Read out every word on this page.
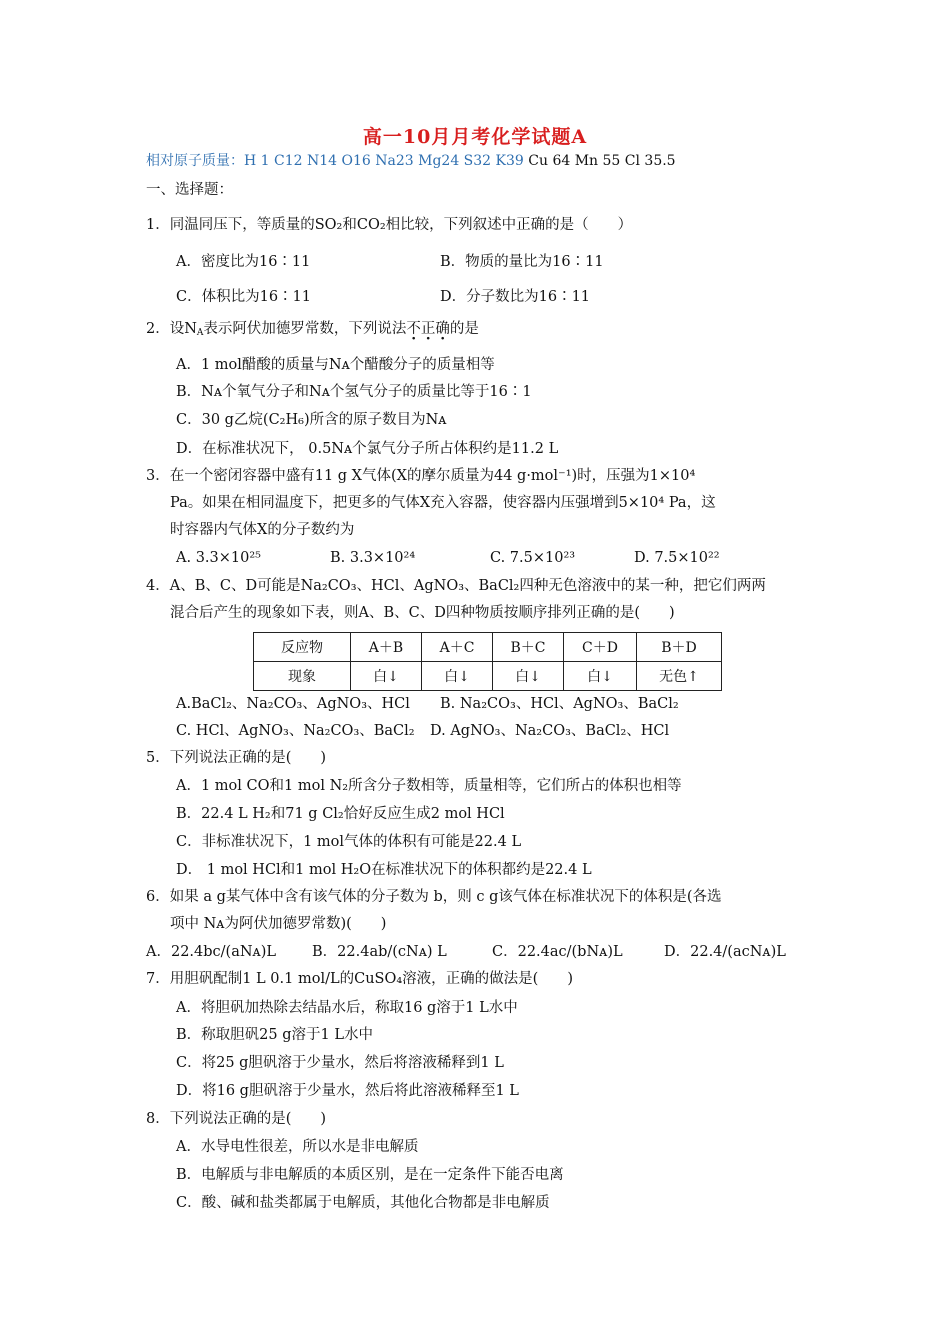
高一10月月考化学试题A
相对原子质量：H 1 C12 N14 O16 Na23 Mg24 S32 K39 Cu 64 Mn 55 Cl 35.5
一、选择题：
1．同温同压下，等质量的SO₂和CO₂相比较，下列叙述中正确的是（　　）
A．密度比为16∶11	B．物质的量比为16∶11
C．体积比为16∶11	D．分子数比为16∶11
2．设$N_A$表示阿伏加德罗常数，下列说法不正确的是
A．1 mol醋酸的质量与Nᴀ个醋酸分子的质量相等
B．Nᴀ个氧气分子和Nᴀ个氢气分子的质量比等于16∶1
C．30 g乙烷(C₂H₆)所含的原子数目为Nᴀ
D．在标准状况下， 0.5Nᴀ个氯气分子所占体积约是11.2 L
3．在一个密闭容器中盛有11 g X气体(X的摩尔质量为44 g·mol⁻¹)时，压强为1×10⁴
Pa。如果在相同温度下，把更多的气体X充入容器，使容器内压强增到5×10⁴ Pa，这
时容器内气体X的分子数约为
A. 3.3×10²⁵	B. 3.3×10²⁴	C. 7.5×10²³	D. 7.5×10²²
4．A、B、C、D可能是Na₂CO₃、HCl、AgNO₃、BaCl₂四种无色溶液中的某一种，把它们两两
混合后产生的现象如下表，则A、B、C、D四种物质按顺序排列正确的是(　　)
反应物	A＋B	A＋C	B＋C	C＋D	B＋D
现象	白↓	白↓	白↓	白↓	无色↑
A.BaCl₂、Na₂CO₃、AgNO₃、HCl B. Na₂CO₃、HCl、AgNO₃、BaCl₂
C. HCl、AgNO₃、Na₂CO₃、BaCl₂ D. AgNO₃、Na₂CO₃、BaCl₂、HCl
5．下列说法正确的是(　　)
A．1 mol CO和1 mol N₂所含分子数相等，质量相等，它们所占的体积也相等
B．22.4 L H₂和71 g Cl₂恰好反应生成2 mol HCl
C．非标准状况下，1 mol气体的体积有可能是22.4 L
D． 1 mol HCl和1 mol H₂O在标准状况下的体积都约是22.4 L
6．如果 a g某气体中含有该气体的分子数为 b，则 c g该气体在标准状况下的体积是(各选
项中 Nᴀ为阿伏加德罗常数)(　　)
A．22.4bc/(aNᴀ)L B．22.4ab/(cNᴀ) L	C．22.4ac/(bNᴀ)L	D．22.4/(acNᴀ)L
7．用胆矾配制1 L 0.1 mol/L的CuSO₄溶液，正确的做法是(　　)
A．将胆矾加热除去结晶水后，称取16 g溶于1 L水中
B．称取胆矾25 g溶于1 L水中
C．将25 g胆矾溶于少量水，然后将溶液稀释到1 L
D．将16 g胆矾溶于少量水，然后将此溶液稀释至1 L
8．下列说法正确的是(　　)
A．水导电性很差，所以水是非电解质
B．电解质与非电解质的本质区别，是在一定条件下能否电离
C．酸、碱和盐类都属于电解质，其他化合物都是非电解质
